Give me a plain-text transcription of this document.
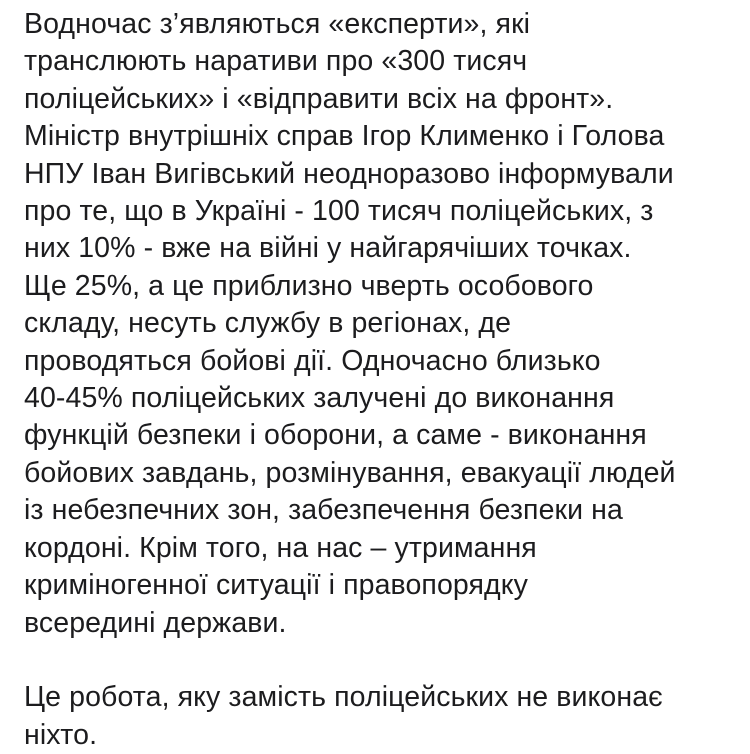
Водночас з’являються «експерти», які
транслюють наративи про «300 тисяч
поліцейських» і «відправити всіх на фронт».
Міністр внутрішніх справ Ігор Клименко і Голова
НПУ Іван Вигівський неодноразово інформували
про те, що в Україні - 100 тисяч поліцейських, з
них 10% - вже на війні у найгарячіших точках.
Ще 25%, а це приблизно чверть особового
складу, несуть службу в регіонах, де
проводяться бойові дії. Одночасно близько
40-45% поліцейських залучені до виконання
функцій безпеки і оборони, а саме - виконання
бойових завдань, розмінування, евакуації людей
із небезпечних зон, забезпечення безпеки на
кордоні. Крім того, на нас – утримання
криміногенної ситуації і правопорядку
всередині держави.
Це робота, яку замість поліцейських не виконає
ніхто.
